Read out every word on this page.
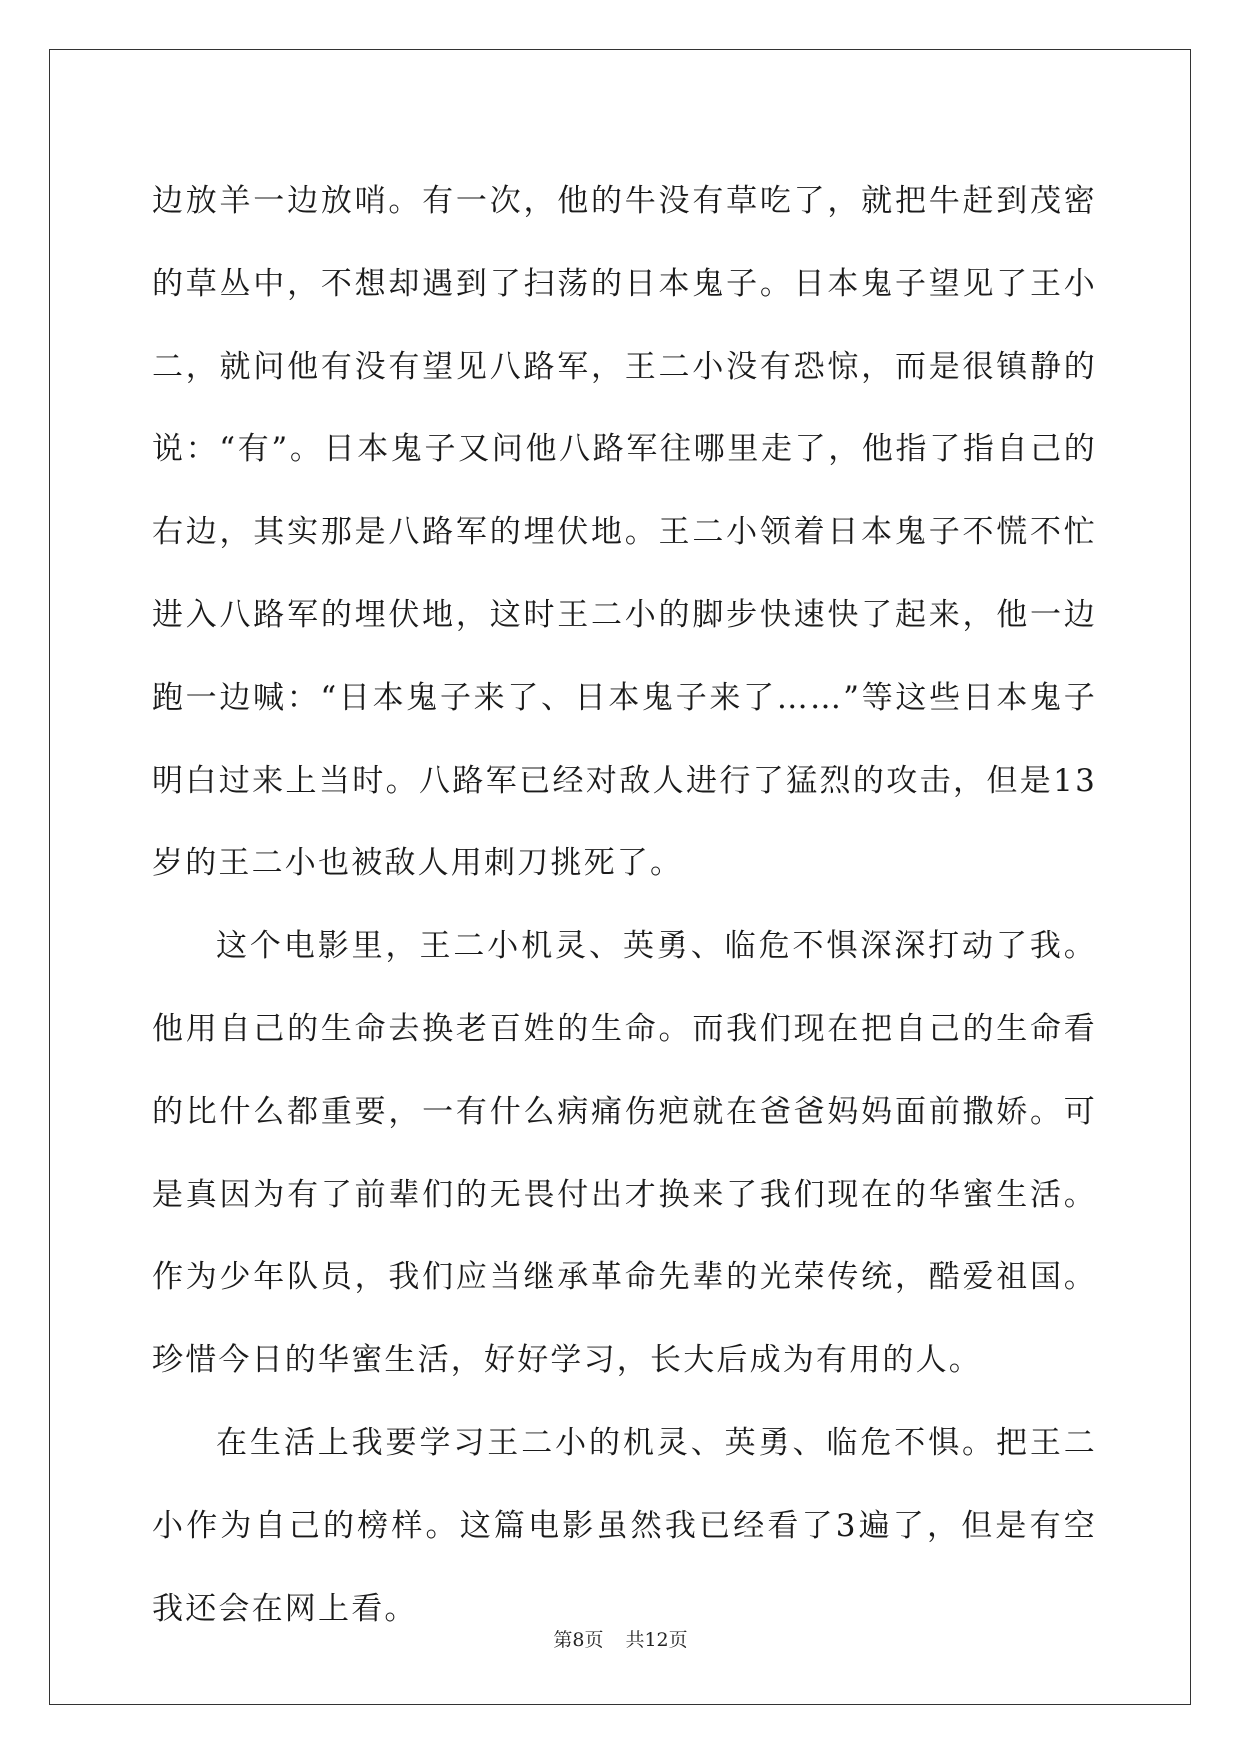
边放羊一边放哨。有一次，他的牛没有草吃了，就把牛赶到茂密的草丛中，不想却遇到了扫荡的日本鬼子。日本鬼子望见了王小二，就问他有没有望见八路军，王二小没有恐惊，而是很镇静的说：“有”。日本鬼子又问他八路军往哪里走了，他指了指自己的右边，其实那是八路军的埋伏地。王二小领着日本鬼子不慌不忙进入八路军的埋伏地，这时王二小的脚步快速快了起来，他一边跑一边喊：“日本鬼子来了、日本鬼子来了……”等这些日本鬼子明白过来上当时。八路军已经对敌人进行了猛烈的攻击，但是13岁的王二小也被敌人用刺刀挑死了。

这个电影里，王二小机灵、英勇、临危不惧深深打动了我。他用自己的生命去换老百姓的生命。而我们现在把自己的生命看的比什么都重要，一有什么病痛伤疤就在爸爸妈妈面前撒娇。可是真因为有了前辈们的无畏付出才换来了我们现在的华蜜生活。作为少年队员，我们应当继承革命先辈的光荣传统，酷爱祖国。珍惜今日的华蜜生活，好好学习，长大后成为有用的人。

在生活上我要学习王二小的机灵、英勇、临危不惧。把王二小作为自己的榜样。这篇电影虽然我已经看了3遍了，但是有空我还会在网上看。

第8页 共12页
